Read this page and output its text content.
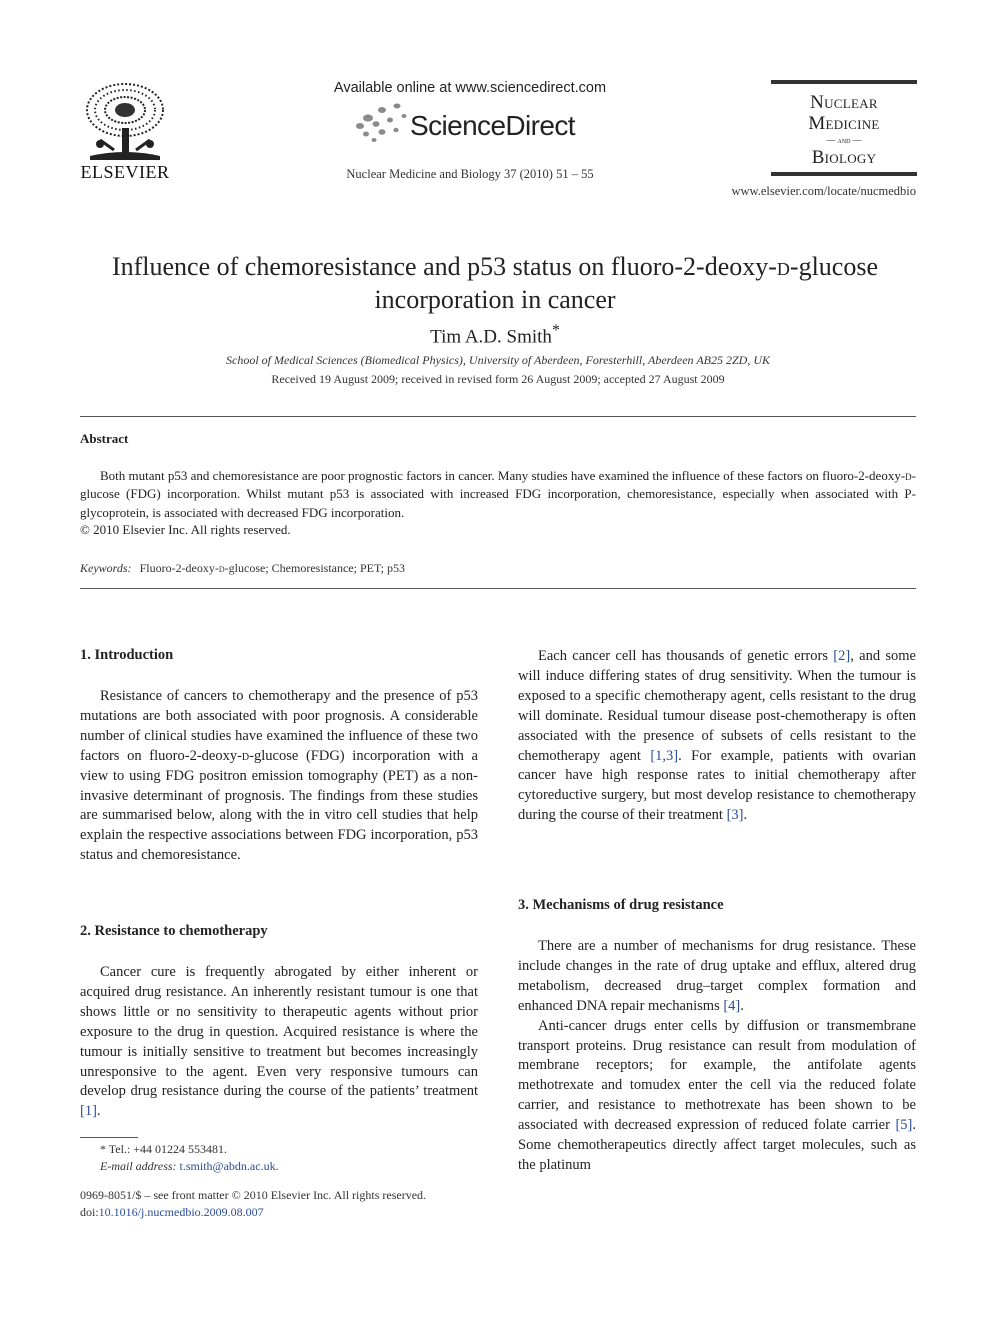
ELSEVIER
Available online at www.sciencedirect.com
ScienceDirect
Nuclear Medicine and Biology 37 (2010) 51 – 55
Nuclear
Medicine
— and —
Biology
www.elsevier.com/locate/nucmedbio
Influence of chemoresistance and p53 status on fluoro-2-deoxy-d-glucose
incorporation in cancer
Tim A.D. Smith*
School of Medical Sciences (Biomedical Physics), University of Aberdeen, Foresterhill, Aberdeen AB25 2ZD, UK
Received 19 August 2009; received in revised form 26 August 2009; accepted 27 August 2009
Abstract

Both mutant p53 and chemoresistance are poor prognostic factors in cancer. Many studies have examined the influence of these factors on fluoro-2-deoxy-d-glucose (FDG) incorporation. Whilst mutant p53 is associated with increased FDG incorporation, chemoresistance, especially when associated with P-glycoprotein, is associated with decreased FDG incorporation.

© 2010 Elsevier Inc. All rights reserved.
Keywords: Fluoro-2-deoxy-d-glucose; Chemoresistance; PET; p53
1. Introduction

Resistance of cancers to chemotherapy and the presence of p53 mutations are both associated with poor prognosis. A considerable number of clinical studies have examined the influence of these two factors on fluoro-2-deoxy-d-glucose (FDG) incorporation with a view to using FDG positron emission tomography (PET) as a non-invasive determinant of prognosis. The findings from these studies are summarised below, along with the in vitro cell studies that help explain the respective associations between FDG incorporation, p53 status and chemoresistance.

2. Resistance to chemotherapy

Cancer cure is frequently abrogated by either inherent or acquired drug resistance. An inherently resistant tumour is one that shows little or no sensitivity to therapeutic agents without prior exposure to the drug in question. Acquired resistance is where the tumour is initially sensitive to treatment but becomes increasingly unresponsive to the agent. Even very responsive tumours can develop drug resistance during the course of the patients’ treatment [1].

* Tel.: +44 01224 553481.
E-mail address: t.smith@abdn.ac.uk.
0969-8051/$ – see front matter © 2010 Elsevier Inc. All rights reserved.
doi:10.1016/j.nucmedbio.2009.08.007

Each cancer cell has thousands of genetic errors [2], and some will induce differing states of drug sensitivity. When the tumour is exposed to a specific chemotherapy agent, cells resistant to the drug will dominate. Residual tumour disease post-chemotherapy is often associated with the presence of subsets of cells resistant to the chemotherapy agent [1,3]. For example, patients with ovarian cancer have high response rates to initial chemotherapy after cytoreductive surgery, but most develop resistance to chemotherapy during the course of their treatment [3].

3. Mechanisms of drug resistance

There are a number of mechanisms for drug resistance. These include changes in the rate of drug uptake and efflux, altered drug metabolism, decreased drug–target complex formation and enhanced DNA repair mechanisms [4].

Anti-cancer drugs enter cells by diffusion or transmembrane transport proteins. Drug resistance can result from modulation of membrane receptors; for example, the antifolate agents methotrexate and tomudex enter the cell via the reduced folate carrier, and resistance to methotrexate has been shown to be associated with decreased expression of reduced folate carrier [5]. Some chemotherapeutics directly affect target molecules, such as the platinum
